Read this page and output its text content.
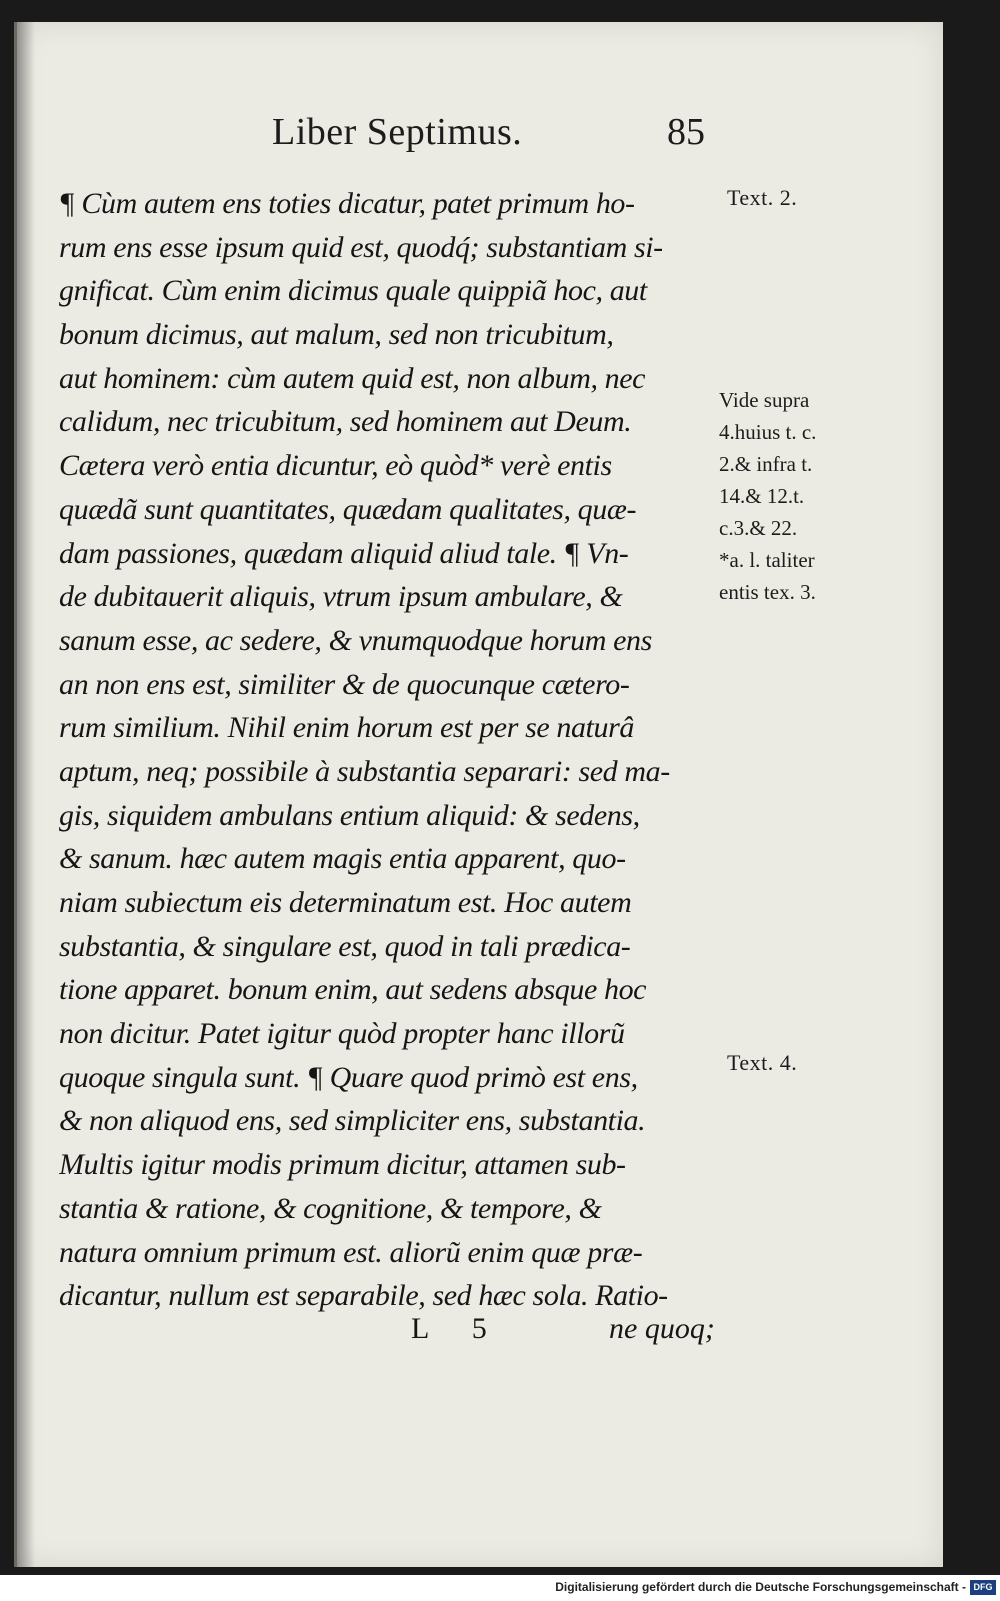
Liber Septimus.	85
¶ Cùm autem ens toties dicatur, patet primum ho-
rum ens esse ipsum quid est, quodq́; substantiam si-
gnificat. Cùm enim dicimus quale quippiã hoc, aut
bonum dicimus, aut malum, sed non tricubitum,
aut hominem: cùm autem quid est, non album, nec
calidum, nec tricubitum, sed hominem aut Deum.
Cætera verò entia dicuntur, eò quòd* verè entis
quædã sunt quantitates, quædam qualitates, quæ-
dam passiones, quædam aliquid aliud tale. ¶ Vn-
de dubitauerit aliquis, vtrum ipsum ambulare, &
sanum esse, ac sedere, & vnumquodque horum ens
an non ens est, similiter & de quocunque cætero-
rum similium. Nihil enim horum est per se naturâ
aptum, neq; possibile à substantia separari: sed ma-
gis, siquidem ambulans entium aliquid: & sedens,
& sanum. hæc autem magis entia apparent, quo-
niam subiectum eis determinatum est. Hoc autem
substantia, & singulare est, quod in tali prædica-
tione apparet. bonum enim, aut sedens absque hoc
non dicitur. Patet igitur quòd propter hanc illorũ
quoque singula sunt. ¶ Quare quod primò est ens,
& non aliquod ens, sed simpliciter ens, substantia.
Multis igitur modis primum dicitur, attamen sub-
stantia & ratione, & cognitione, & tempore, &
natura omnium primum est. aliorũ enim quæ præ-
dicantur, nullum est separabile, sed hæc sola. Ratio-
Text. 2.
Vide supra
4.huius t. c.
2.& infra t.
14.& 12.t.
c.3.& 22.
*a. l. taliter
entis tex. 3.
Text. 4.
L 5	ne quoq;
Digitalisierung gefördert durch die Deutsche Forschungsgemeinschaft - DFG
